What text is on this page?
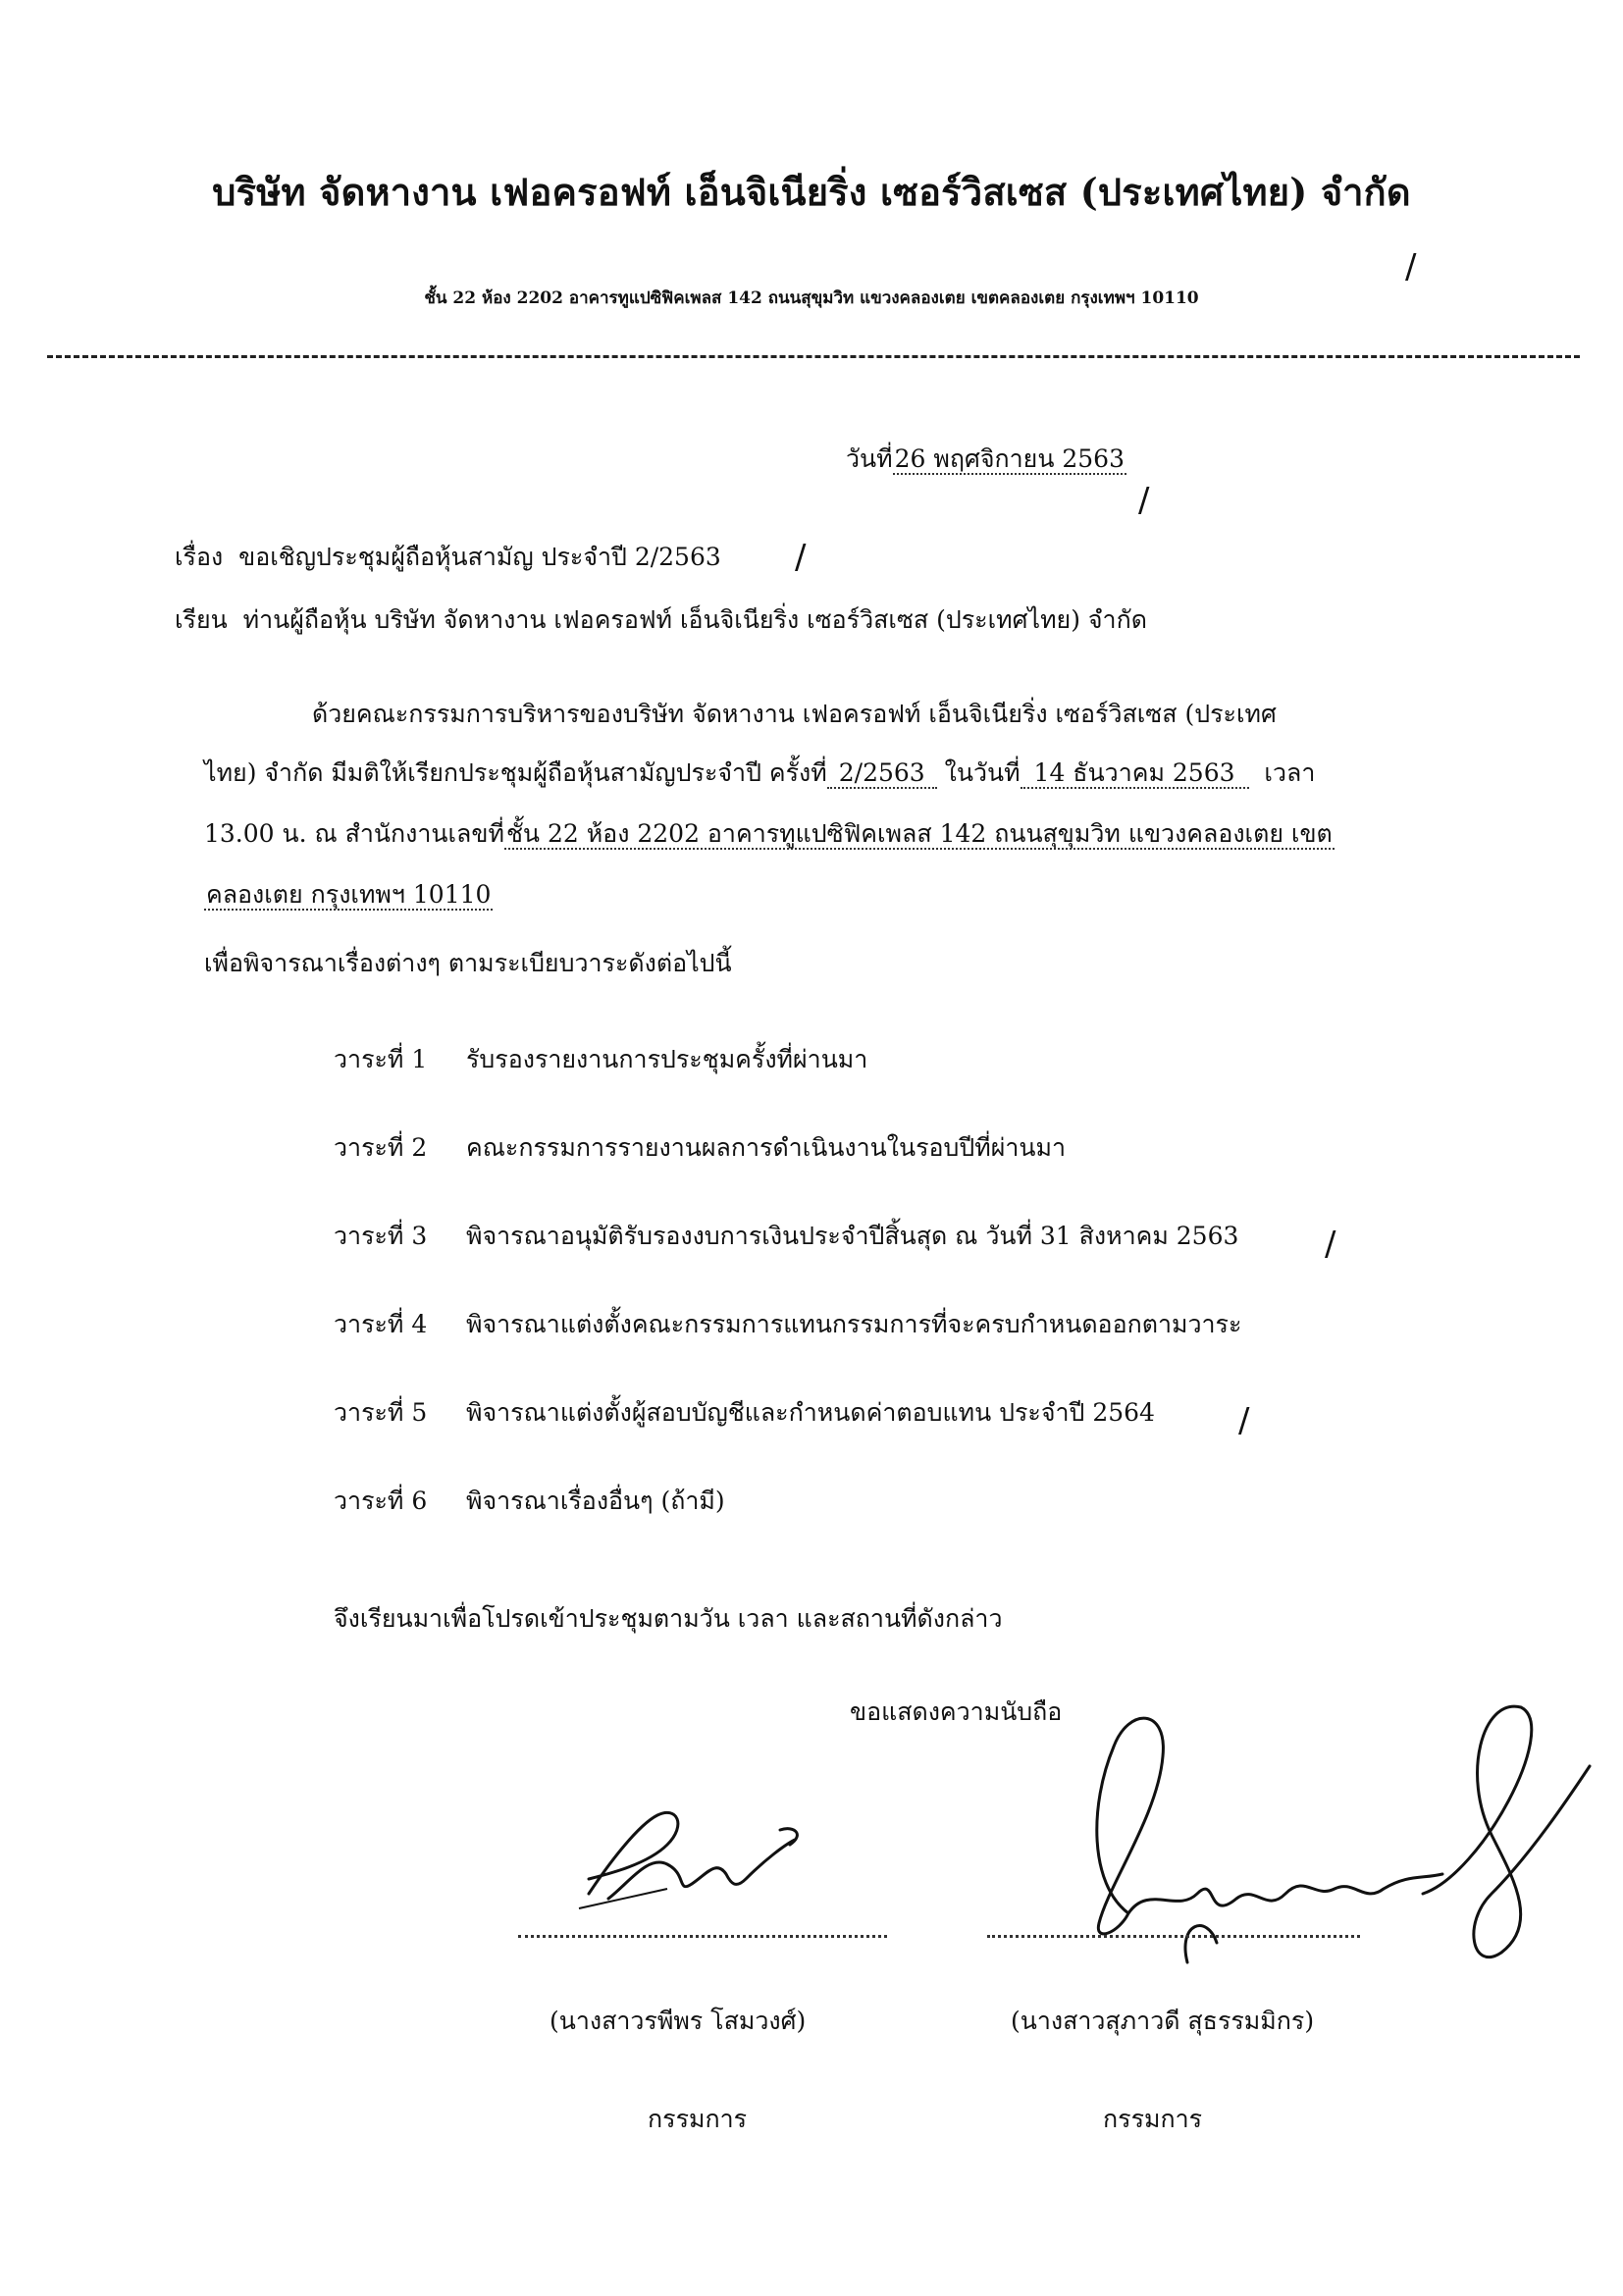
บริษัท จัดหางาน เฟอครอฟท์ เอ็นจิเนียริ่ง เซอร์วิสเซส (ประเทศไทย) จำกัด
ชั้น 22 ห้อง 2202 อาคารทูแปซิฟิคเพลส 142 ถนนสุขุมวิท แขวงคลองเตย เขตคลองเตย กรุงเทพฯ 10110
/
วันที่26 พฤศจิกายน 2563
/
เรื่อง ขอเชิญประชุมผู้ถือหุ้นสามัญ ประจำปี 2/2563 /
เรียน ท่านผู้ถือหุ้น บริษัท จัดหางาน เฟอครอฟท์ เอ็นจิเนียริ่ง เซอร์วิสเซส (ประเทศไทย) จำกัด
ด้วยคณะกรรมการบริหารของบริษัท จัดหางาน เฟอครอฟท์ เอ็นจิเนียริ่ง เซอร์วิสเซส (ประเทศ
ไทย) จำกัด มีมติให้เรียกประชุมผู้ถือหุ้นสามัญประจำปี ครั้งที่ 2/2563 ในวันที่ 14 ธันวาคม 2563 เวลา
13.00 น. ณ สำนักงานเลขที่ชั้น 22 ห้อง 2202 อาคารทูแปซิฟิคเพลส 142 ถนนสุขุมวิท แขวงคลองเตย เขต
คลองเตย กรุงเทพฯ 10110
เพื่อพิจารณาเรื่องต่างๆ ตามระเบียบวาระดังต่อไปนี้
วาระที่ 1 รับรองรายงานการประชุมครั้งที่ผ่านมา
วาระที่ 2 คณะกรรมการรายงานผลการดำเนินงานในรอบปีที่ผ่านมา
วาระที่ 3 พิจารณาอนุมัติรับรองงบการเงินประจำปีสิ้นสุด ณ วันที่ 31 สิงหาคม 2563	/
วาระที่ 4 พิจารณาแต่งตั้งคณะกรรมการแทนกรรมการที่จะครบกำหนดออกตามวาระ
วาระที่ 5 พิจารณาแต่งตั้งผู้สอบบัญชีและกำหนดค่าตอบแทน ประจำปี 2564	/
วาระที่ 6 พิจารณาเรื่องอื่นๆ (ถ้ามี)
จึงเรียนมาเพื่อโปรดเข้าประชุมตามวัน เวลา และสถานที่ดังกล่าว
ขอแสดงความนับถือ
(นางสาวรพีพร โสมวงศ์)
กรรมการ
(นางสาวสุภาวดี สุธรรมมิกร)
กรรมการ
